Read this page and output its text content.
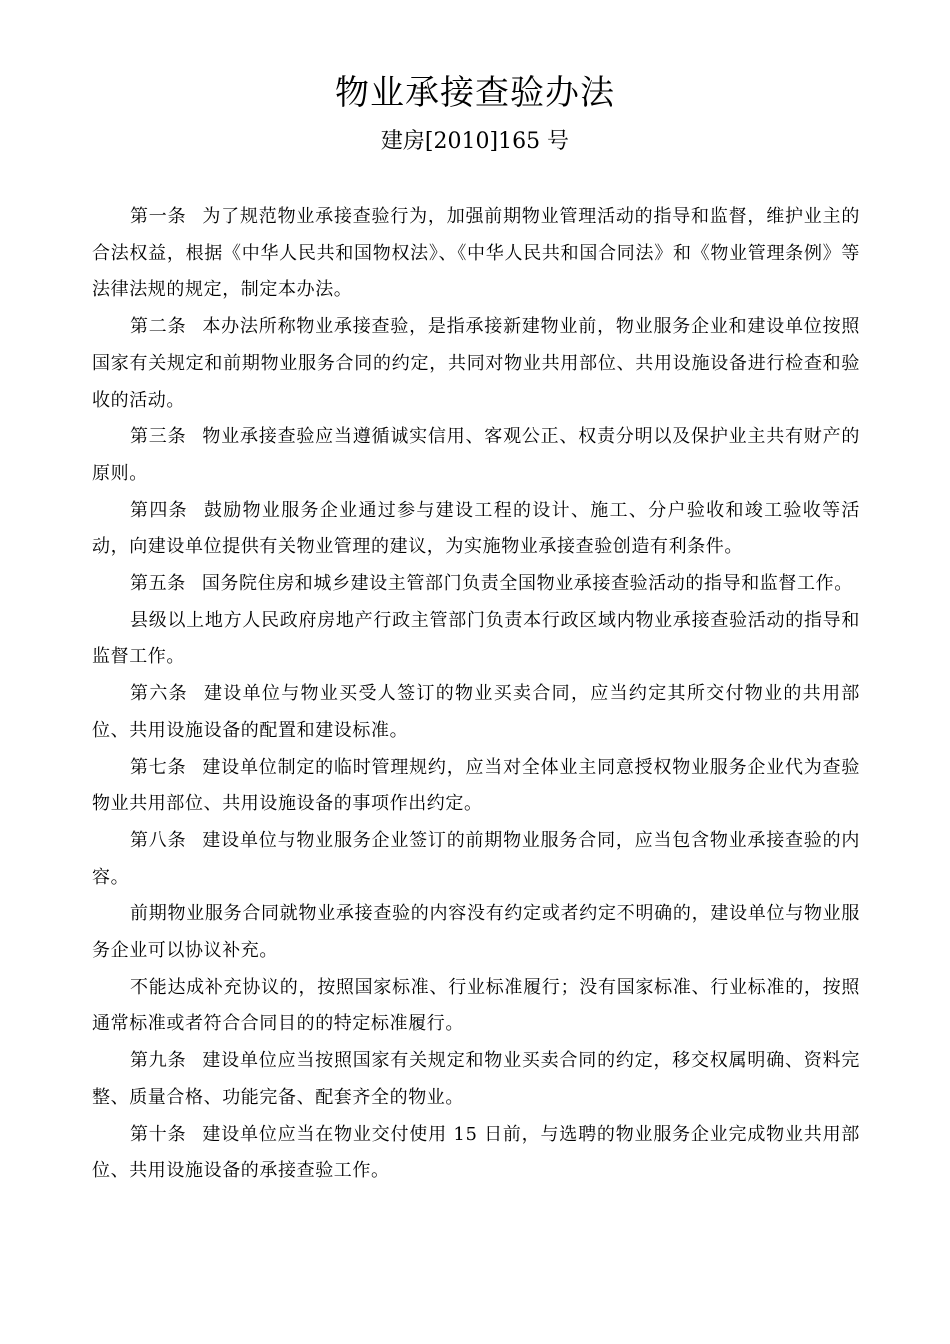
物业承接查验办法
建房[2010]165 号

第一条 为了规范物业承接查验行为，加强前期物业管理活动的指导和监督，维护业主的合法权益，根据《中华人民共和国物权法》、《中华人民共和国合同法》和《物业管理条例》等法律法规的规定，制定本办法。

第二条 本办法所称物业承接查验，是指承接新建物业前，物业服务企业和建设单位按照国家有关规定和前期物业服务合同的约定，共同对物业共用部位、共用设施设备进行检查和验收的活动。

第三条 物业承接查验应当遵循诚实信用、客观公正、权责分明以及保护业主共有财产的原则。

第四条 鼓励物业服务企业通过参与建设工程的设计、施工、分户验收和竣工验收等活动，向建设单位提供有关物业管理的建议，为实施物业承接查验创造有利条件。

第五条 国务院住房和城乡建设主管部门负责全国物业承接查验活动的指导和监督工作。

县级以上地方人民政府房地产行政主管部门负责本行政区域内物业承接查验活动的指导和监督工作。

第六条 建设单位与物业买受人签订的物业买卖合同，应当约定其所交付物业的共用部位、共用设施设备的配置和建设标准。

第七条 建设单位制定的临时管理规约，应当对全体业主同意授权物业服务企业代为查验物业共用部位、共用设施设备的事项作出约定。

第八条 建设单位与物业服务企业签订的前期物业服务合同，应当包含物业承接查验的内容。

前期物业服务合同就物业承接查验的内容没有约定或者约定不明确的，建设单位与物业服务企业可以协议补充。

不能达成补充协议的，按照国家标准、行业标准履行；没有国家标准、行业标准的，按照通常标准或者符合合同目的的特定标准履行。

第九条 建设单位应当按照国家有关规定和物业买卖合同的约定，移交权属明确、资料完整、质量合格、功能完备、配套齐全的物业。

第十条 建设单位应当在物业交付使用 15 日前，与选聘的物业服务企业完成物业共用部位、共用设施设备的承接查验工作。
